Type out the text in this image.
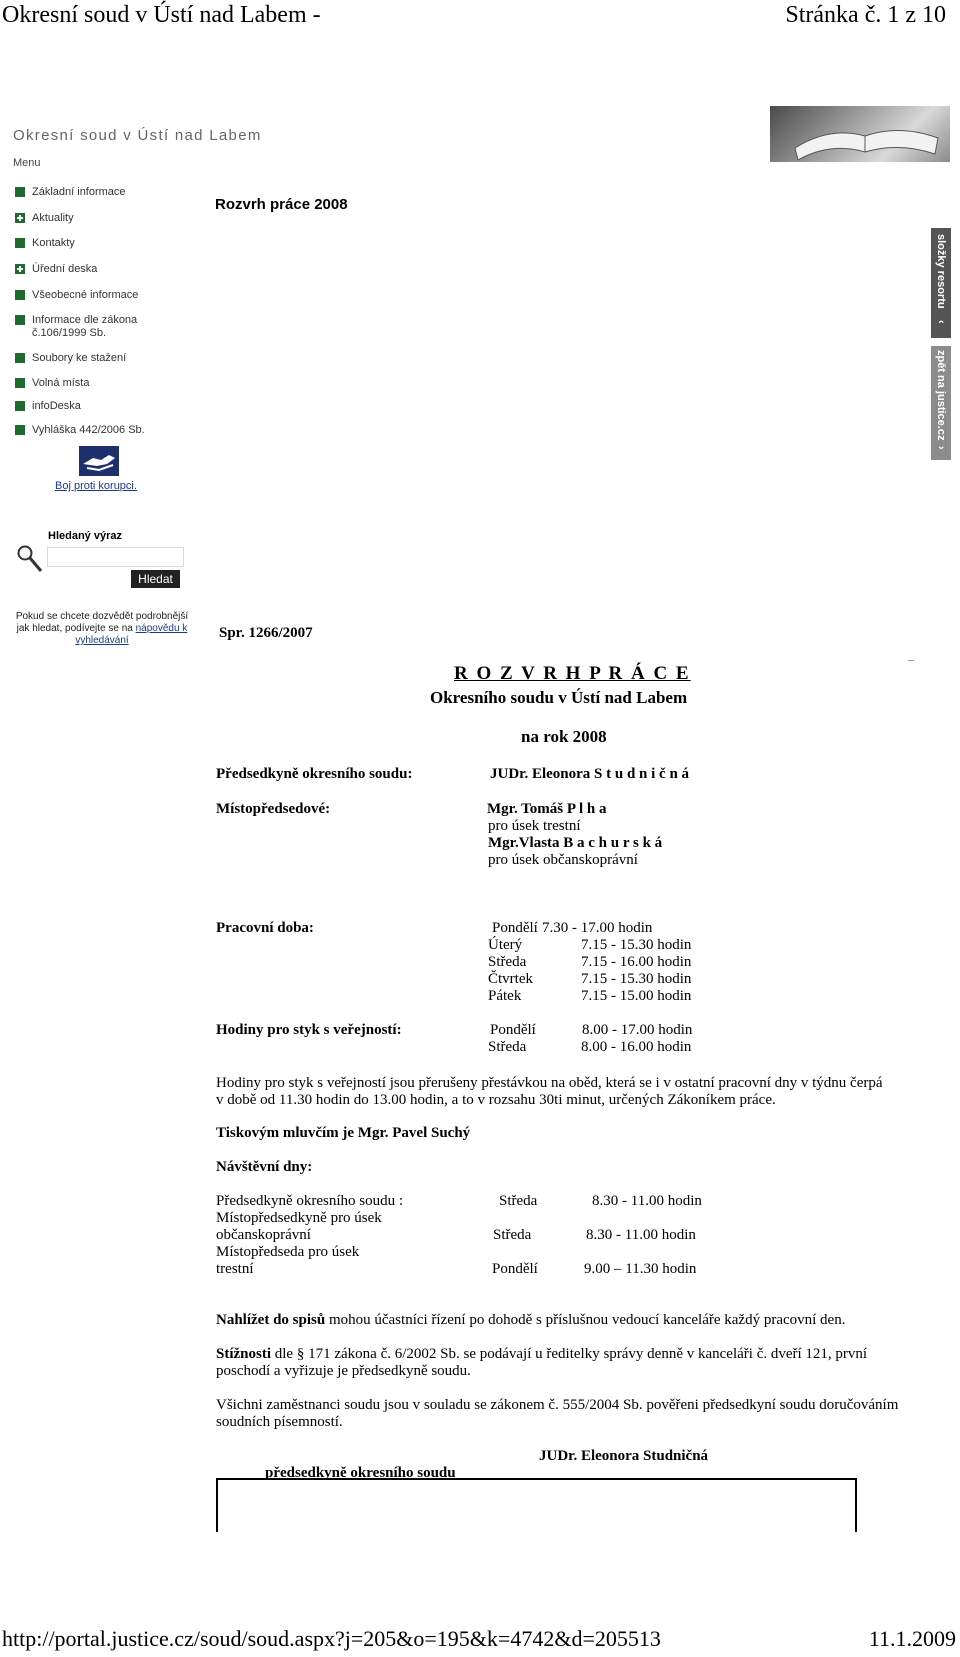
Okresní soud v Ústí nad Labem -	Stránka č. 1 z 10
Okresní soud v Ústí nad Labem
Menu
Základní informace
Aktuality
Kontakty
Úřední deska
Všeobecné informace
Informace dle zákona č.106/1999 Sb.
Soubory ke stažení
Volná místa
infoDeska
Vyhláška 442/2006 Sb.
Boj proti korupci.
Rozvrh práce 2008
Hledaný výraz
Hledat
Pokud se chcete dozvědět podrobnější jak hledat, podívejte se na nápovědu k vyhledávání
složky resortu
‹
zpět na justice.cz
›
Spr. 1266/2007
R O Z V R H P R Á C E
Okresního soudu v Ústí nad Labem
na rok 2008
Předsedkyně okresního soudu:	JUDr. Eleonora S t u d n i č n á
Místopředsedové:	Mgr. Tomáš P l h a
pro úsek trestní
Mgr.Vlasta B a c h u r s k á
pro úsek občanskoprávní
Pracovní doba:	Pondělí 7.30 - 17.00 hodin
Úterý	7.15 - 15.30 hodin
Středa	7.15 - 16.00 hodin
Čtvrtek	7.15 - 15.30 hodin
Pátek	7.15 - 15.00 hodin
Hodiny pro styk s veřejností:	Pondělí	8.00 - 17.00 hodin
Středa	8.00 - 16.00 hodin
Hodiny pro styk s veřejností jsou přerušeny přestávkou na oběd, která se i v ostatní pracovní dny v týdnu čerpá
v době od 11.30 hodin do 13.00 hodin, a to v rozsahu 30ti minut, určených Zákoníkem práce.
Tiskovým mluvčím je Mgr. Pavel Suchý
Návštěvní dny:
Předsedkyně okresního soudu :	Středa	8.30 - 11.00 hodin
Místopředsedkyně pro úsek
občanskoprávní	Středa	8.30 - 11.00 hodin
Místopředseda pro úsek
trestní	Pondělí	9.00 – 11.30 hodin
Nahlížet do spisů mohou účastníci řízení po dohodě s příslušnou vedoucí kanceláře každý pracovní den.
Stížnosti dle § 171 zákona č. 6/2002 Sb. se podávají u ředitelky správy denně v kanceláři č. dveří 121, první
poschodí a vyřizuje je předsedkyně soudu.
Všichni zaměstnanci soudu jsou v souladu se zákonem č. 555/2004 Sb. pověřeni předsedkyní soudu doručováním
soudních písemností.
JUDr. Eleonora Studničná
předsedkyně okresního soudu
http://portal.justice.cz/soud/soud.aspx?j=205&o=195&k=4742&d=205513	11.1.2009
